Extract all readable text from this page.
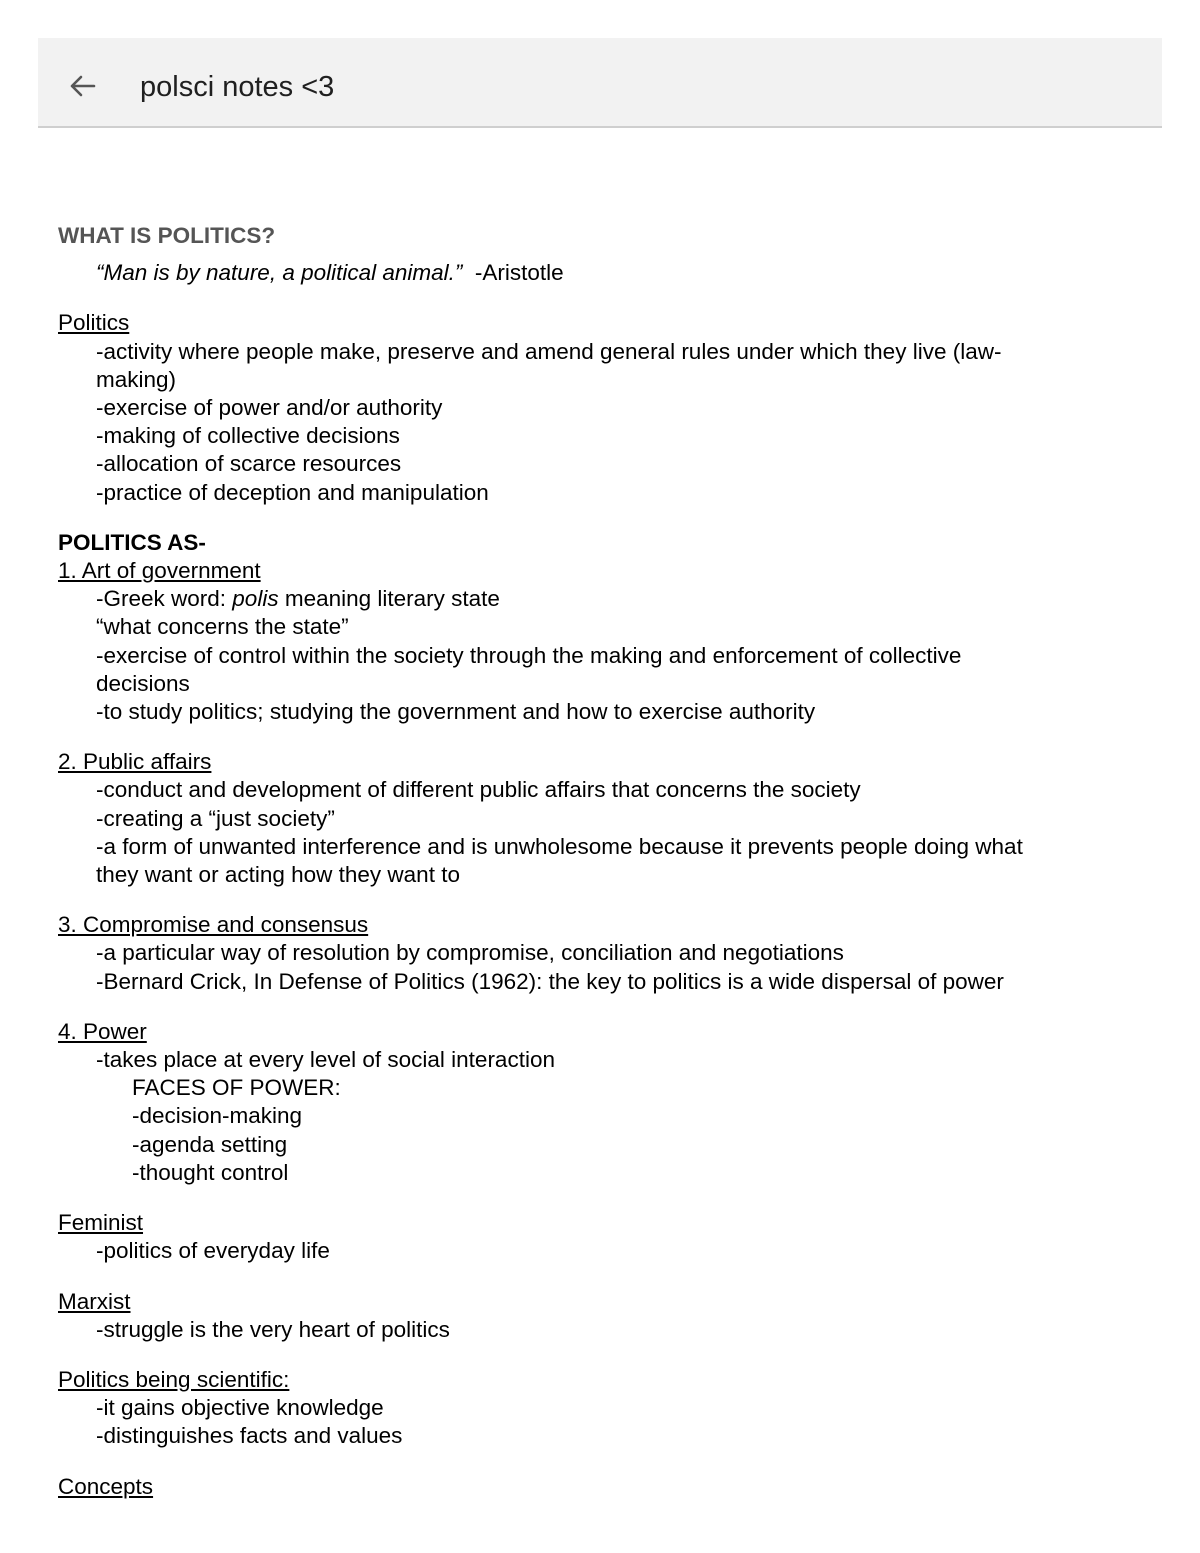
polsci notes <3

WHAT IS POLITICS?

“Man is by nature, a political animal.” -Aristotle

Politics

-activity where people make, preserve and amend general rules under which they live (law-

making)

-exercise of power and/or authority

-making of collective decisions

-allocation of scarce resources

-practice of deception and manipulation

POLITICS AS-

1. Art of government

-Greek word: polis meaning literary state

“what concerns the state”

-exercise of control within the society through the making and enforcement of collective

decisions

-to study politics; studying the government and how to exercise authority

2. Public affairs

-conduct and development of different public affairs that concerns the society

-creating a “just society”

-a form of unwanted interference and is unwholesome because it prevents people doing what

they want or acting how they want to

3. Compromise and consensus

-a particular way of resolution by compromise, conciliation and negotiations

-Bernard Crick, In Defense of Politics (1962): the key to politics is a wide dispersal of power

4. Power

-takes place at every level of social interaction

FACES OF POWER:

-decision-making

-agenda setting

-thought control

Feminist

-politics of everyday life

Marxist

-struggle is the very heart of politics

Politics being scientific:

-it gains objective knowledge

-distinguishes facts and values

Concepts
